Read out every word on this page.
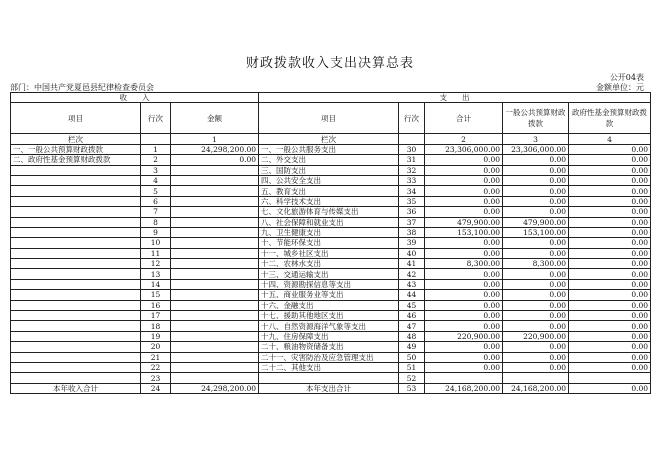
财政拨款收入支出决算总表
公开04表
部门：中国共产党夏邑县纪律检查委员会	金额单位：元
收　　入			支　　出				
项目	行次	金额	项目	行次	合计	一般公共预算财政拨款	政府性基金预算财政拨款
栏次		1	栏次		2	3	4
一、一般公共预算财政拨款	1	24,298,200.00	一、一般公共服务支出	30	23,306,000.00	23,306,000.00	0.00
二、政府性基金预算财政拨款	2	0.00	二、外交支出	31	0.00	0.00	0.00
	3		三、国防支出	32	0.00	0.00	0.00
	4		四、公共安全支出	33	0.00	0.00	0.00
	5		五、教育支出	34	0.00	0.00	0.00
	6		六、科学技术支出	35	0.00	0.00	0.00
	7		七、文化旅游体育与传媒支出	36	0.00	0.00	0.00
	8		八、社会保障和就业支出	37	479,900.00	479,900.00	0.00
	9		九、卫生健康支出	38	153,100.00	153,100.00	0.00
	10		十、节能环保支出	39	0.00	0.00	0.00
	11		十一、城乡社区支出	40	0.00	0.00	0.00
	12		十二、农林水支出	41	8,300.00	8,300.00	0.00
	13		十三、交通运输支出	42	0.00	0.00	0.00
	14		十四、资源勘探信息等支出	43	0.00	0.00	0.00
	15		十五、商业服务业等支出	44	0.00	0.00	0.00
	16		十六、金融支出	45	0.00	0.00	0.00
	17		十七、援助其他地区支出	46	0.00	0.00	0.00
	18		十八、自然资源海洋气象等支出	47	0.00	0.00	0.00
	19		十九、住房保障支出	48	220,900.00	220,900.00	0.00
	20		二十、粮油物资储备支出	49	0.00	0.00	0.00
	21		二十一、灾害防治及应急管理支出	50	0.00	0.00	0.00
	22		二十二、其他支出	51	0.00	0.00	0.00
	23			52			
本年收入合计	24	24,298,200.00	本年支出合计	53	24,168,200.00	24,168,200.00	0.00
